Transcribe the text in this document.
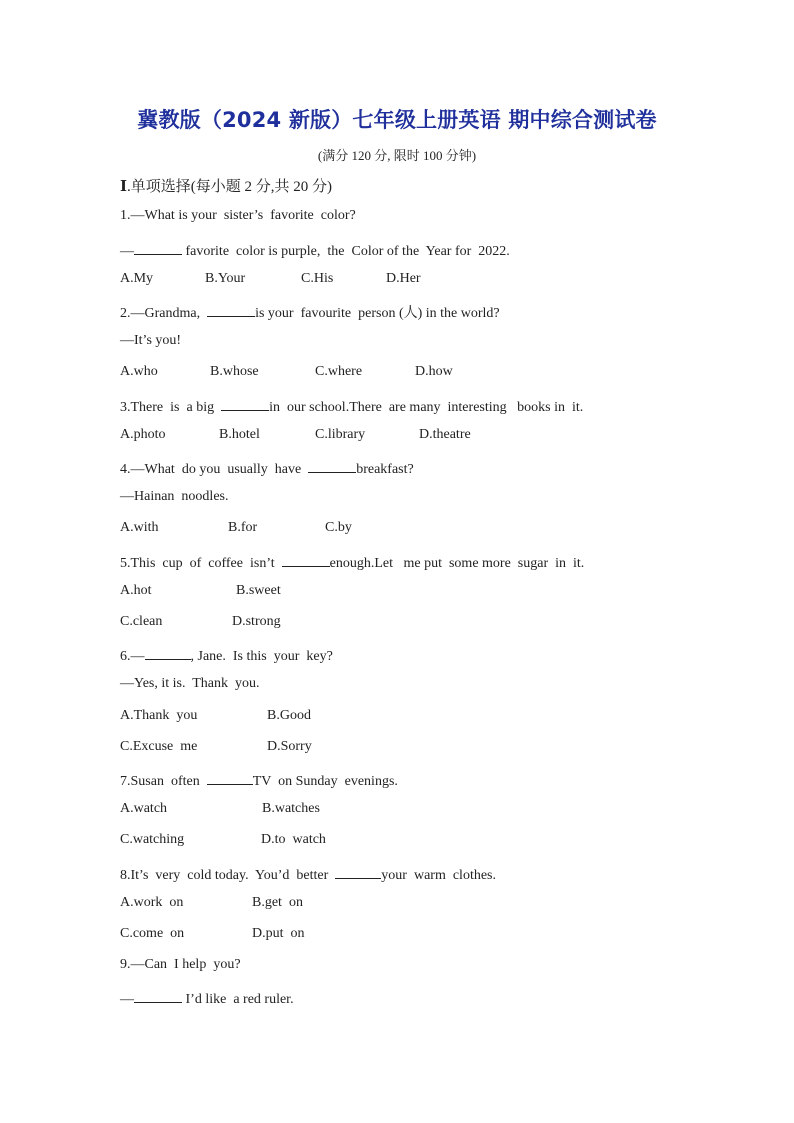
冀教版（2024 新版）七年级上册英语 期中综合测试卷
(满分 120 分, 限时 100 分钟)
Ⅰ.单项选择(每小题 2 分,共 20 分)
1.—What is your  sister’s  favorite  color?
—	favorite  color is purple,  the  Color of the  Year for  2022.
A.My	B.Your	C.His	D.Her
2.—Grandma,	is your  favourite  person (人) in the world?
—It’s you!
A.who	B.whose	C.where	D.how
3.There  is  a big	in  our school.There  are many  interesting   books in  it.
A.photo	B.hotel	C.library	D.theatre
4.—What  do you  usually  have	breakfast?
—Hainan  noodles.
A.with	B.for	C.by
5.This  cup  of  coffee  isn’t	enough.Let   me put  some more  sugar  in  it.
A.hot	B.sweet
C.clean	D.strong
6.—	, Jane.  Is this  your  key?
—Yes, it is.  Thank  you.
A.Thank  you	B.Good
C.Excuse  me	D.Sorry
7.Susan  often	TV  on Sunday  evenings.
A.watch	B.watches
C.watching	D.to  watch
8.It’s  very  cold today.  You’d  better	your  warm  clothes.
A.work  on	B.get  on
C.come  on	D.put  on
9.—Can  I help  you?
—	I’d like  a red ruler.
